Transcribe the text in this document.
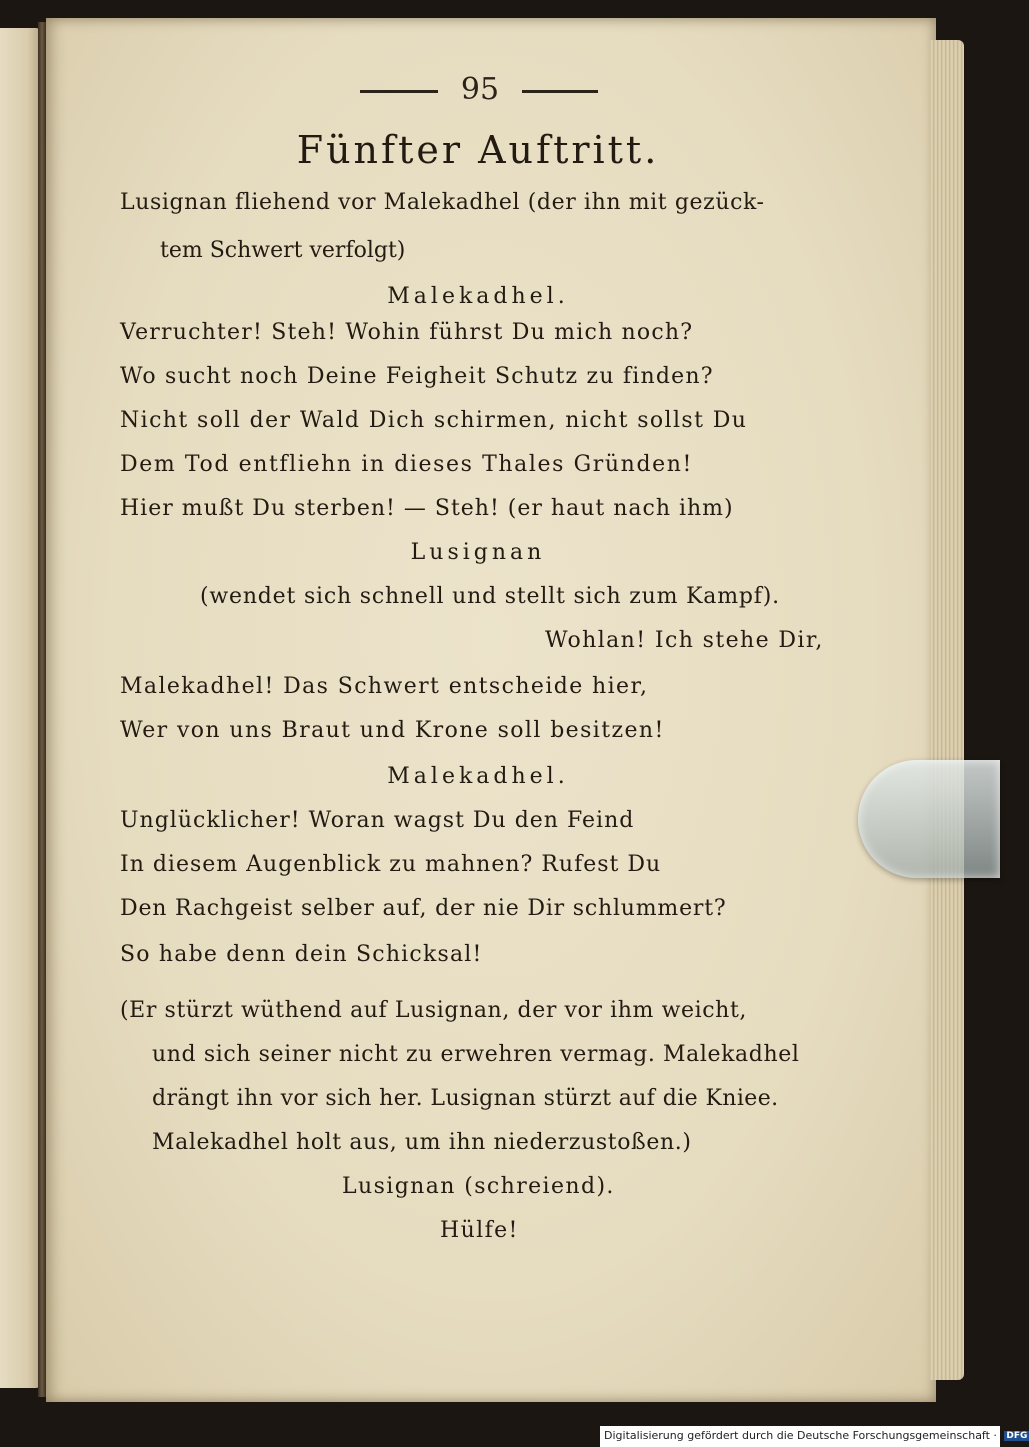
95
Fünfter Auftritt.
Lusignan fliehend vor Malekadhel (der ihn mit gezück-
tem Schwert verfolgt)
Malekadhel.
Verruchter! Steh! Wohin führst Du mich noch?
Wo sucht noch Deine Feigheit Schutz zu finden?
Nicht soll der Wald Dich schirmen, nicht sollst Du
Dem Tod entfliehn in dieses Thales Gründen!
Hier mußt Du sterben! — Steh! (er haut nach ihm)
Lusignan
(wendet sich schnell und stellt sich zum Kampf).
Wohlan! Ich stehe Dir,
Malekadhel! Das Schwert entscheide hier,
Wer von uns Braut und Krone soll besitzen!
Malekadhel.
Unglücklicher! Woran wagst Du den Feind
In diesem Augenblick zu mahnen? Rufest Du
Den Rachgeist selber auf, der nie Dir schlummert?
So habe denn dein Schicksal!
(Er stürzt wüthend auf Lusignan, der vor ihm weicht,
und sich seiner nicht zu erwehren vermag. Malekadhel
drängt ihn vor sich her. Lusignan stürzt auf die Kniee.
Malekadhel holt aus, um ihn niederzustoßen.)
Lusignan (schreiend).
Hülfe!
Digitalisierung gefördert durch die Deutsche Forschungsgemeinschaft · DFG
